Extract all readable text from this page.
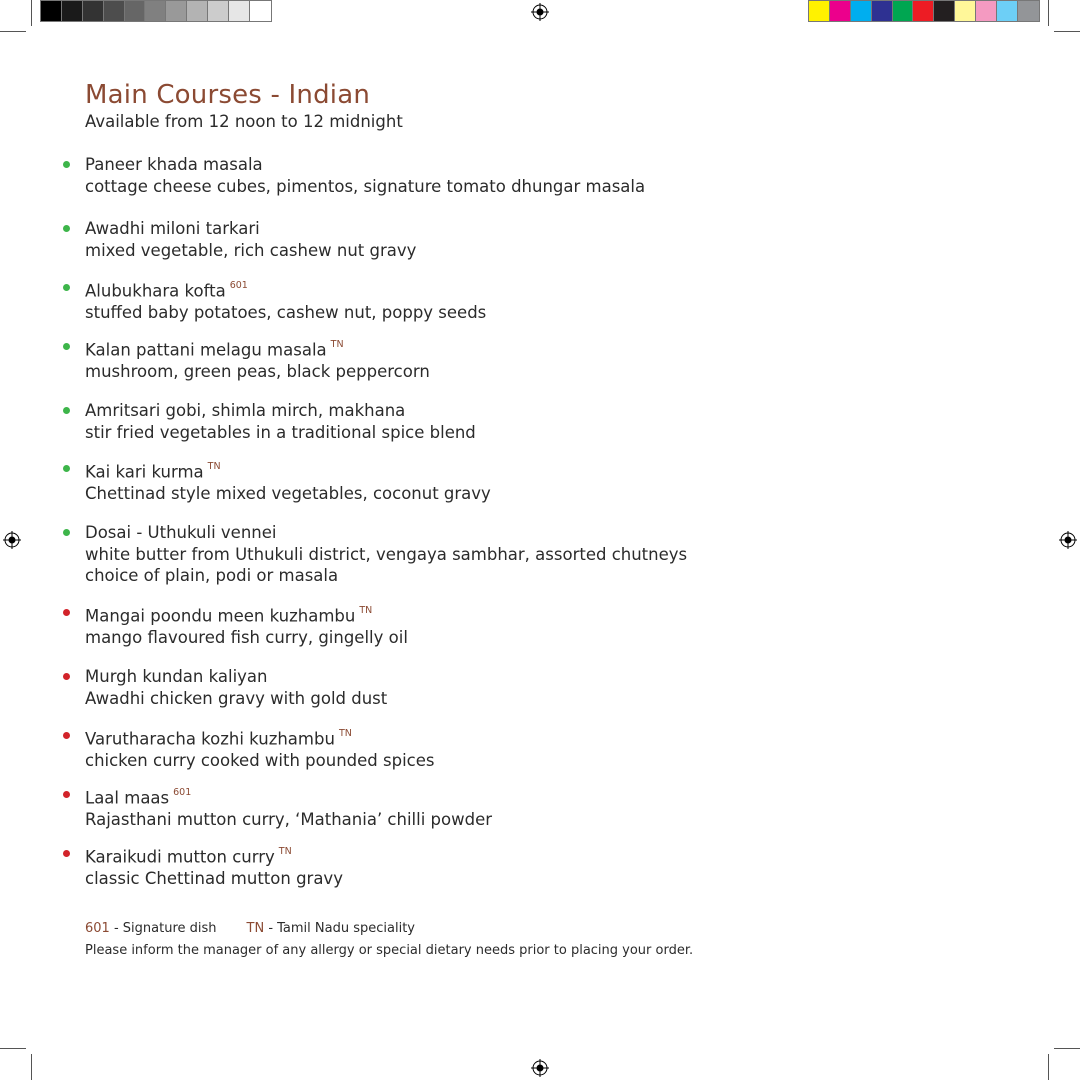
Main Courses - Indian
Available from 12 noon to 12 midnight
Paneer khada masala
cottage cheese cubes, pimentos, signature tomato dhungar masala
Awadhi miloni tarkari
mixed vegetable, rich cashew nut gravy
Alubukhara kofta $^{601}$
stuffed baby potatoes, cashew nut, poppy seeds
Kalan pattani melagu masala $^{TN}$
mushroom, green peas, black peppercorn
Amritsari gobi, shimla mirch, makhana
stir fried vegetables in a traditional spice blend
Kai kari kurma $^{TN}$
Chettinad style mixed vegetables, coconut gravy
Dosai - Uthukuli vennei
white butter from Uthukuli district, vengaya sambhar, assorted chutneys
choice of plain, podi or masala
Mangai poondu meen kuzhambu $^{TN}$
mango flavoured fish curry, gingelly oil
Murgh kundan kaliyan
Awadhi chicken gravy with gold dust
Varutharacha kozhi kuzhambu $^{TN}$
chicken curry cooked with pounded spices
Laal maas $^{601}$
Rajasthani mutton curry, ‘Mathania’ chilli powder
Karaikudi mutton curry $^{TN}$
classic Chettinad mutton gravy
601 - Signature dish TN - Tamil Nadu speciality
Please inform the manager of any allergy or special dietary needs prior to placing your order.
